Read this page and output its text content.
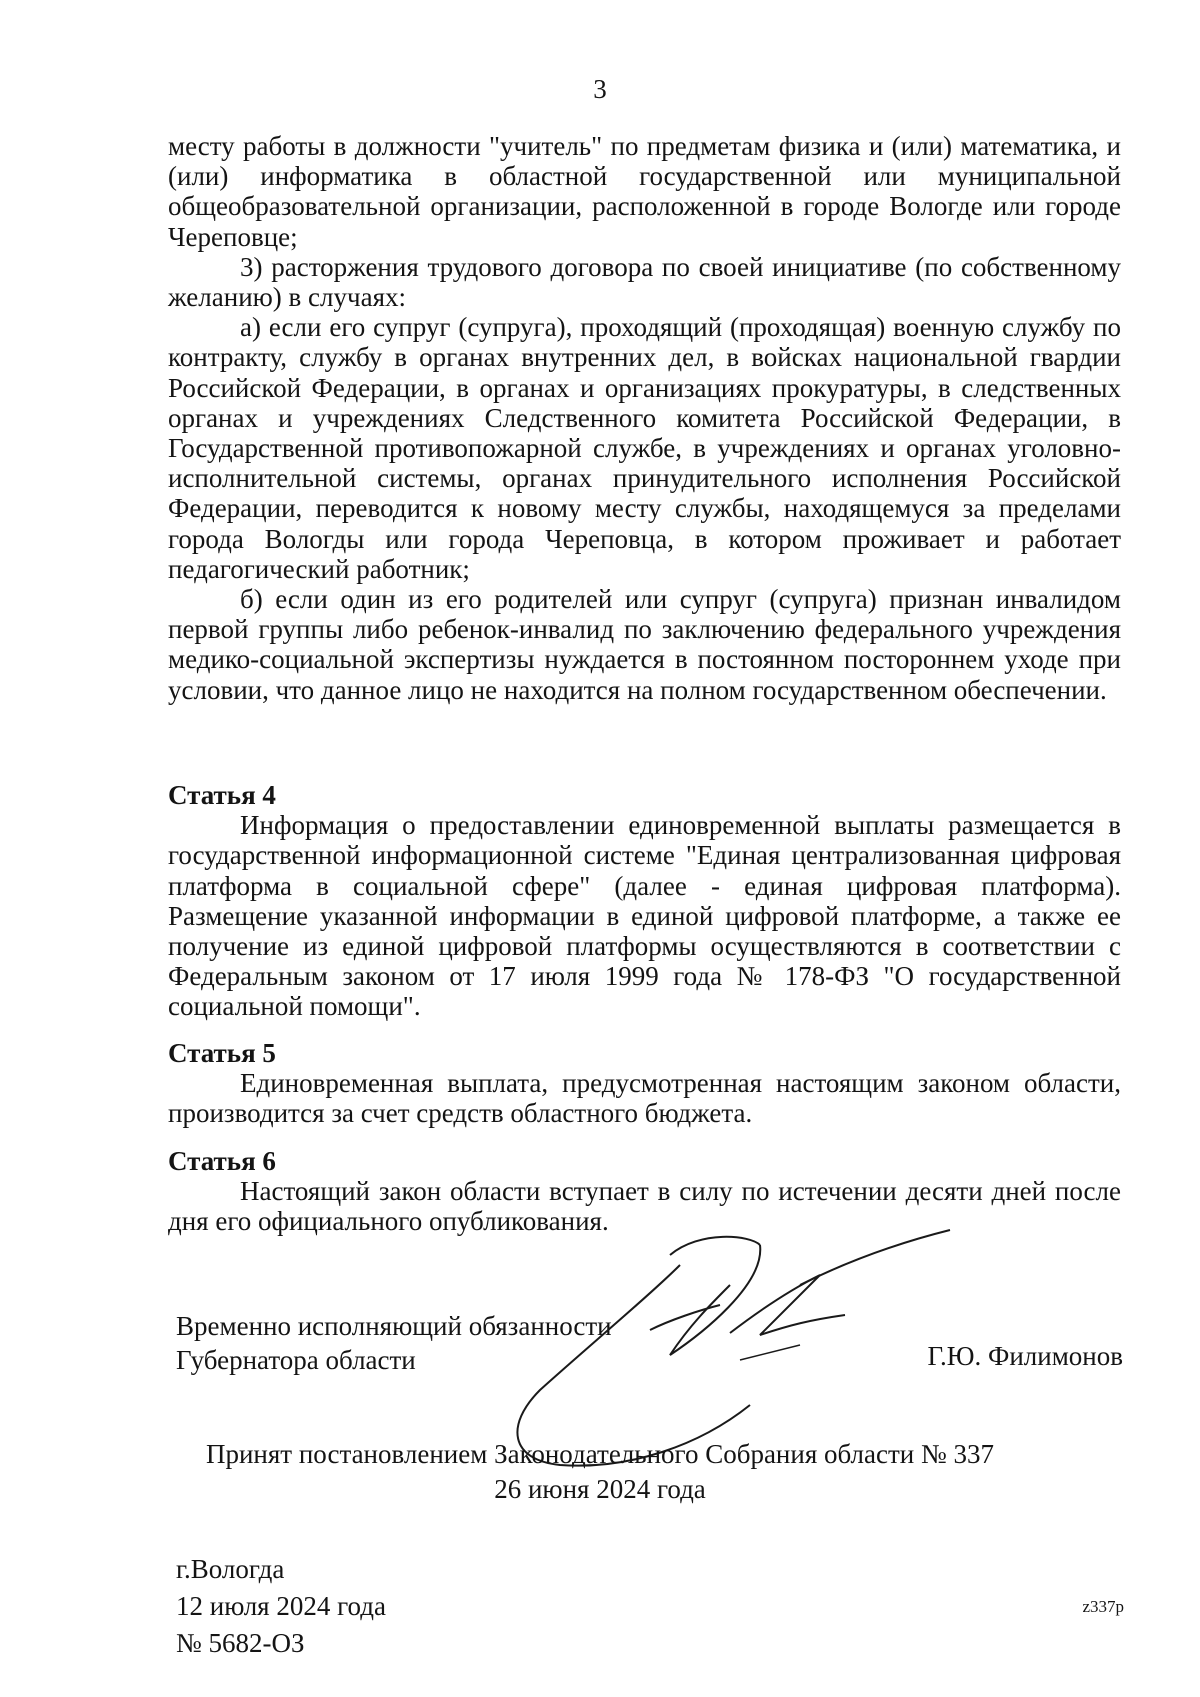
3

месту работы в должности "учитель" по предметам физика и (или) математика, и (или) информатика в областной государственной или муниципальной общеобразовательной организации, расположенной в городе Вологде или городе Череповце;

3) расторжения трудового договора по своей инициативе (по собственному желанию) в случаях:

а) если его супруг (супруга), проходящий (проходящая) военную службу по контракту, службу в органах внутренних дел, в войсках национальной гвардии Российской Федерации, в органах и организациях прокуратуры, в следственных органах и учреждениях Следственного комитета Российской Федерации, в Государственной противопожарной службе, в учреждениях и органах уголовно-исполнительной системы, органах принудительного исполнения Российской Федерации, переводится к новому месту службы, находящемуся за пределами города Вологды или города Череповца, в котором проживает и работает педагогический работник;

б) если один из его родителей или супруг (супруга) признан инвалидом первой группы либо ребенок-инвалид по заключению федерального учреждения медико-социальной экспертизы нуждается в постоянном постороннем уходе при условии, что данное лицо не находится на полном государственном обеспечении.

Статья 4

Информация о предоставлении единовременной выплаты размещается в государственной информационной системе "Единая централизованная цифровая платформа в социальной сфере" (далее - единая цифровая платформа). Размещение указанной информации в единой цифровой платформе, а также ее получение из единой цифровой платформы осуществляются в соответствии с Федеральным законом от 17 июля 1999 года № 178-ФЗ "О государственной социальной помощи".

Статья 5

Единовременная выплата, предусмотренная настоящим законом области, производится за счет средств областного бюджета.

Статья 6

Настоящий закон области вступает в силу по истечении десяти дней после дня его официального опубликования.

Временно исполняющий обязанности
Губернатора области	Г.Ю. Филимонов
Принят постановлением Законодательного Собрания области № 337
26 июня 2024 года
г.Вологда
12 июля 2024 года
№ 5682-ОЗ
z337р
